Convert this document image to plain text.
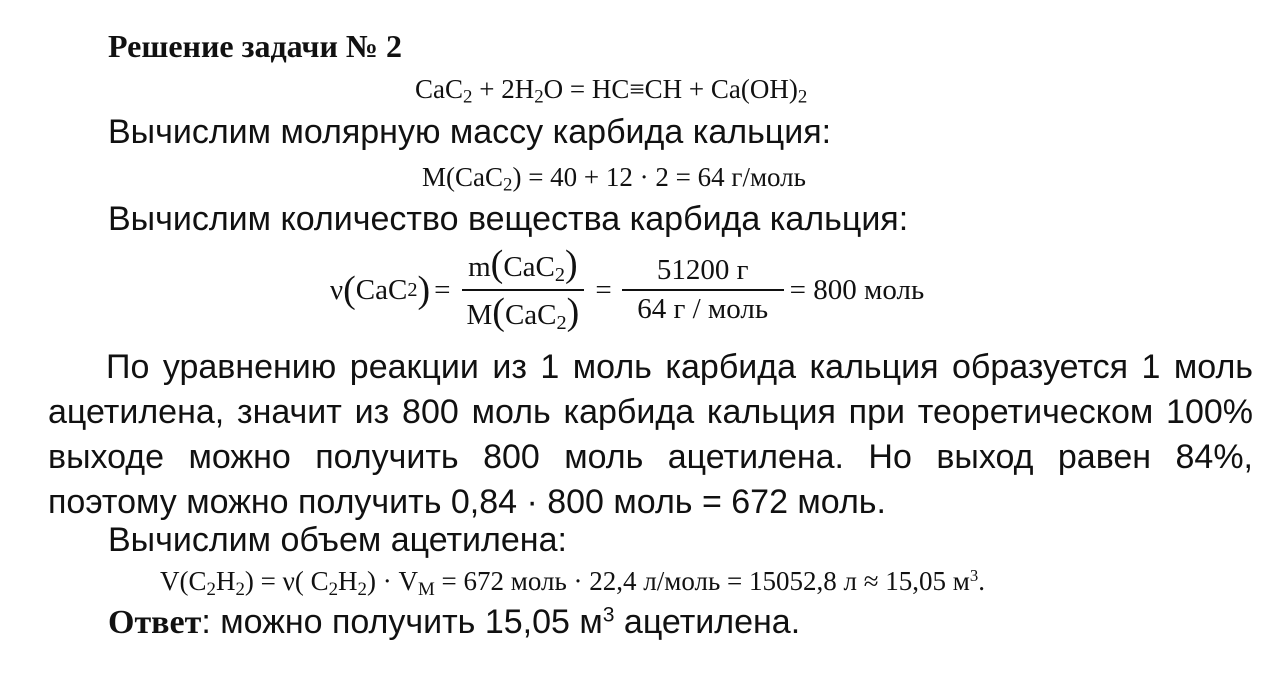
Решение задачи № 2
$CaC_2 + 2H_2O = HC\equiv CH + Ca(OH)_2$
Вычислим молярную массу карбида кальция:
M(CaC$_2$) = 40 + 12 · 2 = 64 г/моль
Вычислим количество вещества карбида кальция:
ν ( CaC 2 ) = $\frac{m(CaC_2)}{M(CaC_2)} = \frac{51200 г}{\text{64 г / моль}} = 800$ моль
По уравнению реакции из 1 моль карбида кальция образуется 1 моль ацетилена, значит из 800 моль карбида кальция при теоретическом 100% выходе можно получить 800 моль ацетилена. Но выход равен 84%, поэтому можно получить 0,84 · 800 моль = 672 моль.
Вычислим объем ацетилена:
$V(C_2H_2) = \nu$( $C_2H_2) \cdot V_M = 672$ моль · 22,4 л/моль = 15052,8 л ≈ 15,05 $м^3$.
Ответ: можно получить 15,05 $м^3$ ацетилена.
